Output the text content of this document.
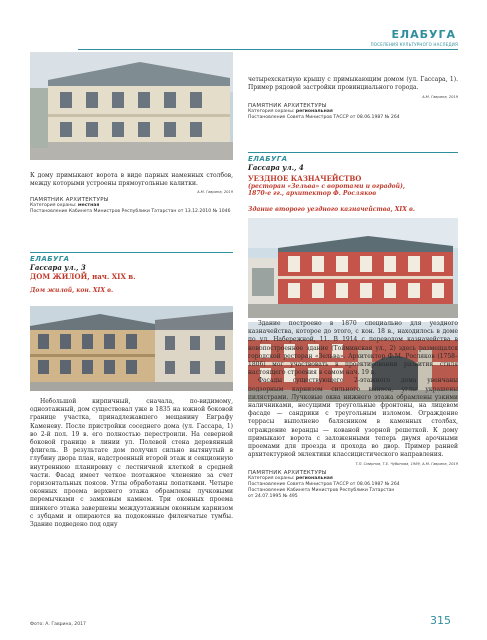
ЕЛАБУГА
ПОСЕЛЕНИЯ КУЛЬТУРНОГО НАСЛЕДИЯ
четырехскатную крышу с примыкающим домом (ул. Гассара, 1). Пример рядовой застройки провинциального города.
А.М. Гаврина, 2019
ПАМЯТНИК АРХИТЕКТУРЫ
Категория охраны: региональная
Постановление Совета Министров ТАССР от 08.06.1987 № 264
К дому примыкают ворота в виде парных наменных столбов, между которыми устроены прямоугольные калитки.
А.М. Гаврина, 2019
ПАМЯТНИК АРХИТЕКТУРЫ
Категория охраны: местная
Постановление Кабинета Министров Республики Татарстан от 13.12.2010 № 1046
ЕЛАБУГА
Гассара ул., 4
УЕЗДНОЕ КАЗНАЧЕЙСТВО
(рестоpан «Зельва» с воротами и оградой),
1870-е гг., архитектор Ф. Росляков
Здание второго уездного казначейства, XIX в.
ЕЛАБУГА
Гассара ул., 3
ДОМ ЖИЛОЙ, нач. XIX в.
Дом жилой, кон. XIX в.
Небольшой кирпичный, сначала, по-видимому, одноэтажный, дом существовал уже в 1835 на южной боковой границе участка, принадлежавшего мещанину Евграфу Каменеву. После пристройки соседнего дома (ул. Гассара, 1) во 2-й пол. 19 в. его полностью перестроили. На северной боковой границе в линии ул. Полевой стена деревянный флигель. В результате дом получил сильно вытянутый в глубину двора план, надстроенный второй этаж и секционную внутреннюю планировку с лестничной клеткой в средней части. Фасад имеет четкое поэтажное членение за счет горизонтальных поясов. Углы обработаны лопатками. Четыре оконных проема верхнего этажа обрамлены лучковыми перемычками с замковым камнем. Три оконных проема шинкего этажа завершены междуэтажным оконным карнизом с зубцами и опираются на подоконные филенчатые тумбы. Здание подведено под одну
Здание построено в 1870 специально для уездного казначейства, которое до этого, с кон. 18 в., находилось в доме по ул. Набережной, 11. В 1914 с переводом казначейства в новопостроенное здание (Тойминская ул., 2) здесь размещался городской ресторан «Зельва». Архитектор Ф.М. Росляков (1758–1806) мог участвовать в проектировании развития стиля настоящего строения в самом нач. 19 в.
Фасады существующего 2-этажного дома увенчаны подзорным карнизом сильного выноса, углы украшены пилястрами. Лучковые окна нижнего этажа обрамлены узкими наличниками, несущими треугольные фронтоны, на лицевом фасаде — сандрики с треугольным изломом. Ограждение террасы выполнено балясником в каменных столбах, ограждение веранды — кованой узорной решеткой. К дому примыкают ворота с заложенными теперь двумя арочными проемами для проезда и прохода во двор. Пример ранней архитектурной эклектики классицистического направления.
Т.П. Смирнов, Т.Е. Чубинова, 1989, А.М. Гаврина, 2019
ПАМЯТНИК АРХИТЕКТУРЫ
Категория охраны: региональная
Постановление Совета Министров ТАССР от 08.06.1987 № 264
Постановление Кабинета Министров Республики Татарстан
от 24.07.1995 № 495
Фото: А. Гаврина, 2017	315
